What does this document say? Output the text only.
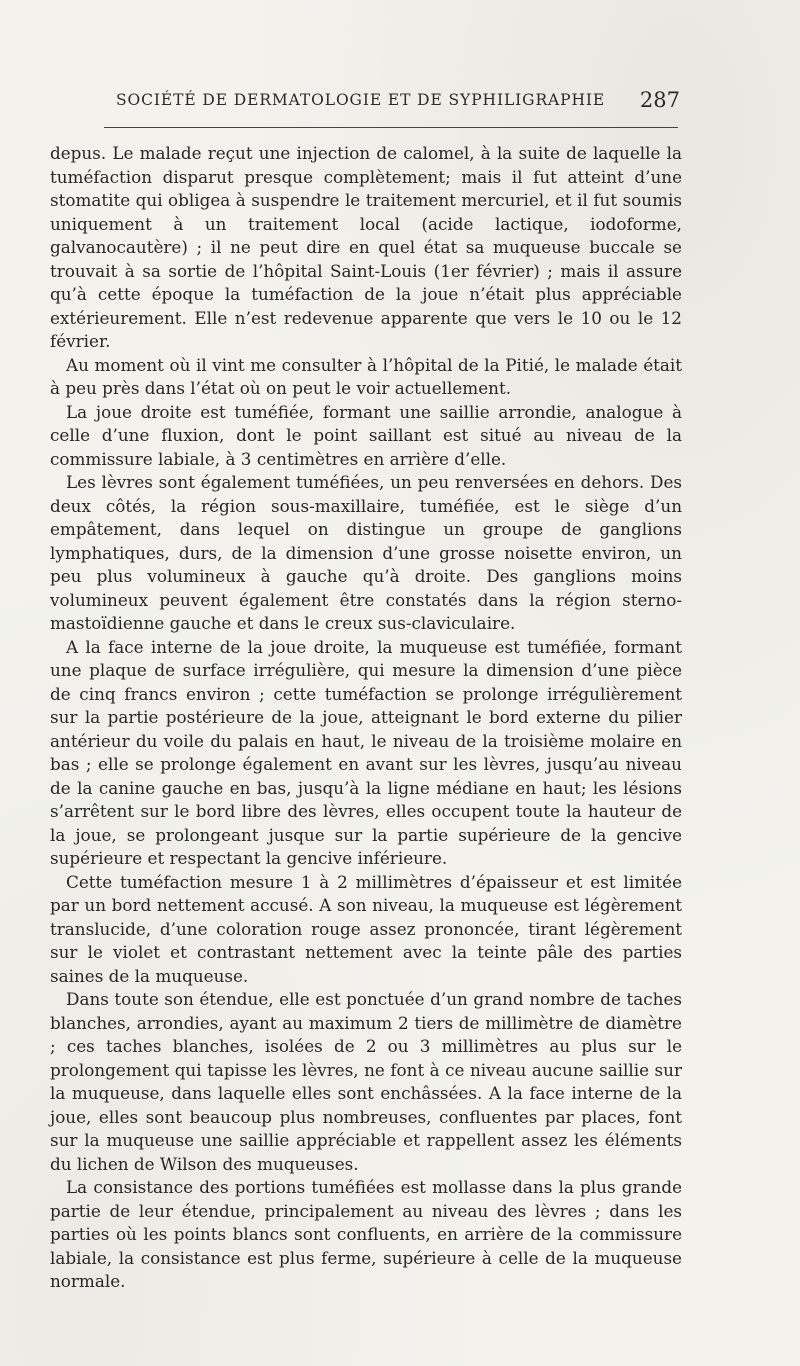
SOCIÉTÉ DE DERMATOLOGIE ET DE SYPHILIGRAPHIE 287

depus. Le malade reçut une injection de calomel, à la suite de laquelle la tuméfaction disparut presque complètement; mais il fut atteint d’une stomatite qui obligea à suspendre le traitement mercuriel, et il fut soumis uniquement à un traitement local (acide lactique, iodoforme, galvanocautère) ; il ne peut dire en quel état sa muqueuse buccale se trouvait à sa sortie de l’hôpital Saint-Louis (1er février) ; mais il assure qu’à cette époque la tuméfaction de la joue n’était plus appréciable extérieurement. Elle n’est redevenue apparente que vers le 10 ou le 12 février.

Au moment où il vint me consulter à l’hôpital de la Pitié, le malade était à peu près dans l’état où on peut le voir actuellement.

La joue droite est tuméfiée, formant une saillie arrondie, analogue à celle d’une fluxion, dont le point saillant est situé au niveau de la commissure labiale, à 3 centimètres en arrière d’elle.

Les lèvres sont également tuméfiées, un peu renversées en dehors. Des deux côtés, la région sous-maxillaire, tuméfiée, est le siège d’un empâtement, dans lequel on distingue un groupe de ganglions lymphatiques, durs, de la dimension d’une grosse noisette environ, un peu plus volumineux à gauche qu’à droite. Des ganglions moins volumineux peuvent également être constatés dans la région sterno-mastoïdienne gauche et dans le creux sus-claviculaire.

A la face interne de la joue droite, la muqueuse est tuméfiée, formant une plaque de surface irrégulière, qui mesure la dimension d’une pièce de cinq francs environ ; cette tuméfaction se prolonge irrégulièrement sur la partie postérieure de la joue, atteignant le bord externe du pilier antérieur du voile du palais en haut, le niveau de la troisième molaire en bas ; elle se prolonge également en avant sur les lèvres, jusqu’au niveau de la canine gauche en bas, jusqu’à la ligne médiane en haut; les lésions s’arrêtent sur le bord libre des lèvres, elles occupent toute la hauteur de la joue, se prolongeant jusque sur la partie supérieure de la gencive supérieure et respectant la gencive inférieure.

Cette tuméfaction mesure 1 à 2 millimètres d’épaisseur et est limitée par un bord nettement accusé. A son niveau, la muqueuse est légèrement translucide, d’une coloration rouge assez prononcée, tirant légèrement sur le violet et contrastant nettement avec la teinte pâle des parties saines de la muqueuse.

Dans toute son étendue, elle est ponctuée d’un grand nombre de taches blanches, arrondies, ayant au maximum 2 tiers de millimètre de diamètre ; ces taches blanches, isolées de 2 ou 3 millimètres au plus sur le prolongement qui tapisse les lèvres, ne font à ce niveau aucune saillie sur la muqueuse, dans laquelle elles sont enchâssées. A la face interne de la joue, elles sont beaucoup plus nombreuses, confluentes par places, font sur la muqueuse une saillie appréciable et rappellent assez les éléments du lichen de Wilson des muqueuses.

La consistance des portions tuméfiées est mollasse dans la plus grande partie de leur étendue, principalement au niveau des lèvres ; dans les parties où les points blancs sont confluents, en arrière de la commissure labiale, la consistance est plus ferme, supérieure à celle de la muqueuse normale.
